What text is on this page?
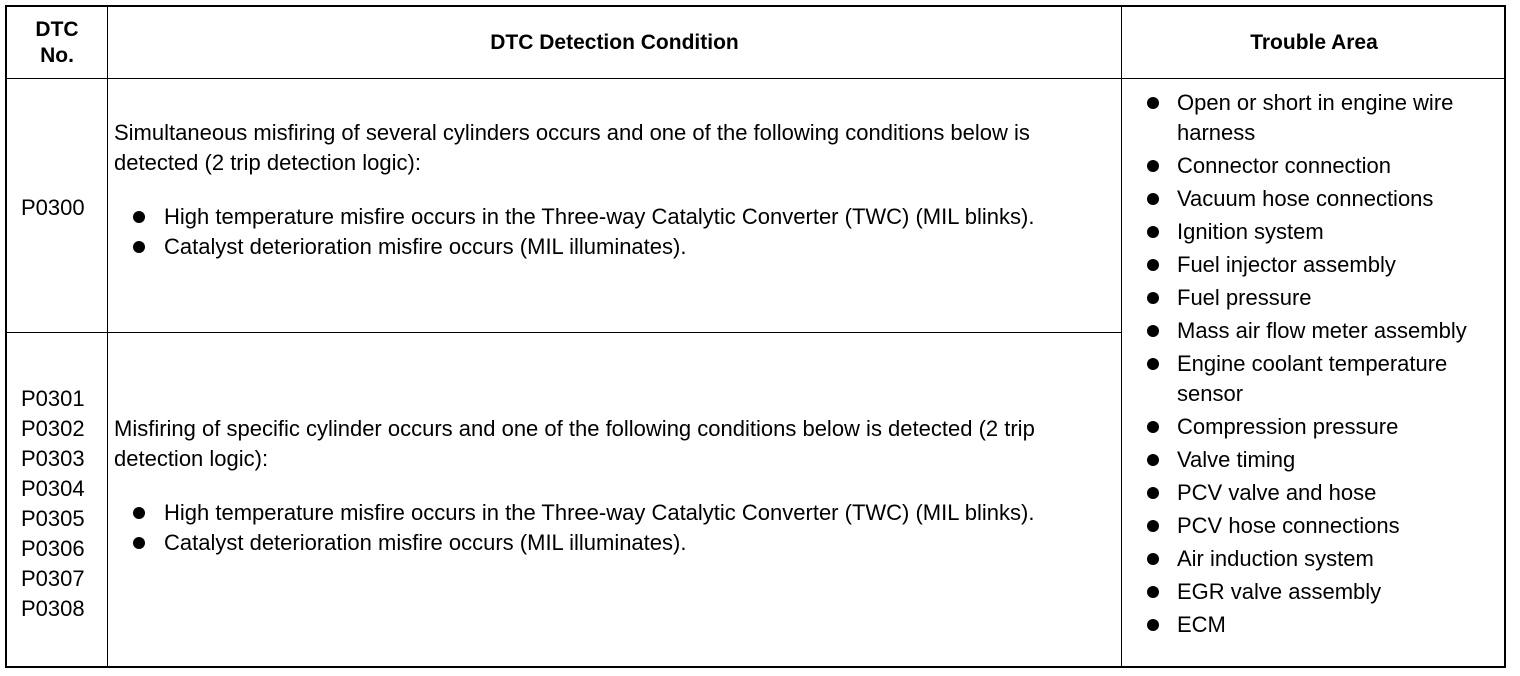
DTC
No.
DTC Detection Condition	Trouble Area
P0300
Simultaneous misfiring of several cylinders occurs and one of the following conditions below is detected (2 trip detection logic):
High temperature misfire occurs in the Three-way Catalytic Converter (TWC) (MIL blinks).
Catalyst deterioration misfire occurs (MIL illuminates).
P0301
P0302
P0303
P0304
P0305
P0306
P0307
P0308
Misfiring of specific cylinder occurs and one of the following conditions below is detected (2 trip detection logic):
High temperature misfire occurs in the Three-way Catalytic Converter (TWC) (MIL blinks).
Catalyst deterioration misfire occurs (MIL illuminates).
Open or short in engine wire harness
Connector connection
Vacuum hose connections
Ignition system
Fuel injector assembly
Fuel pressure
Mass air flow meter assembly
Engine coolant temperature sensor
Compression pressure
Valve timing
PCV valve and hose
PCV hose connections
Air induction system
EGR valve assembly
ECM
